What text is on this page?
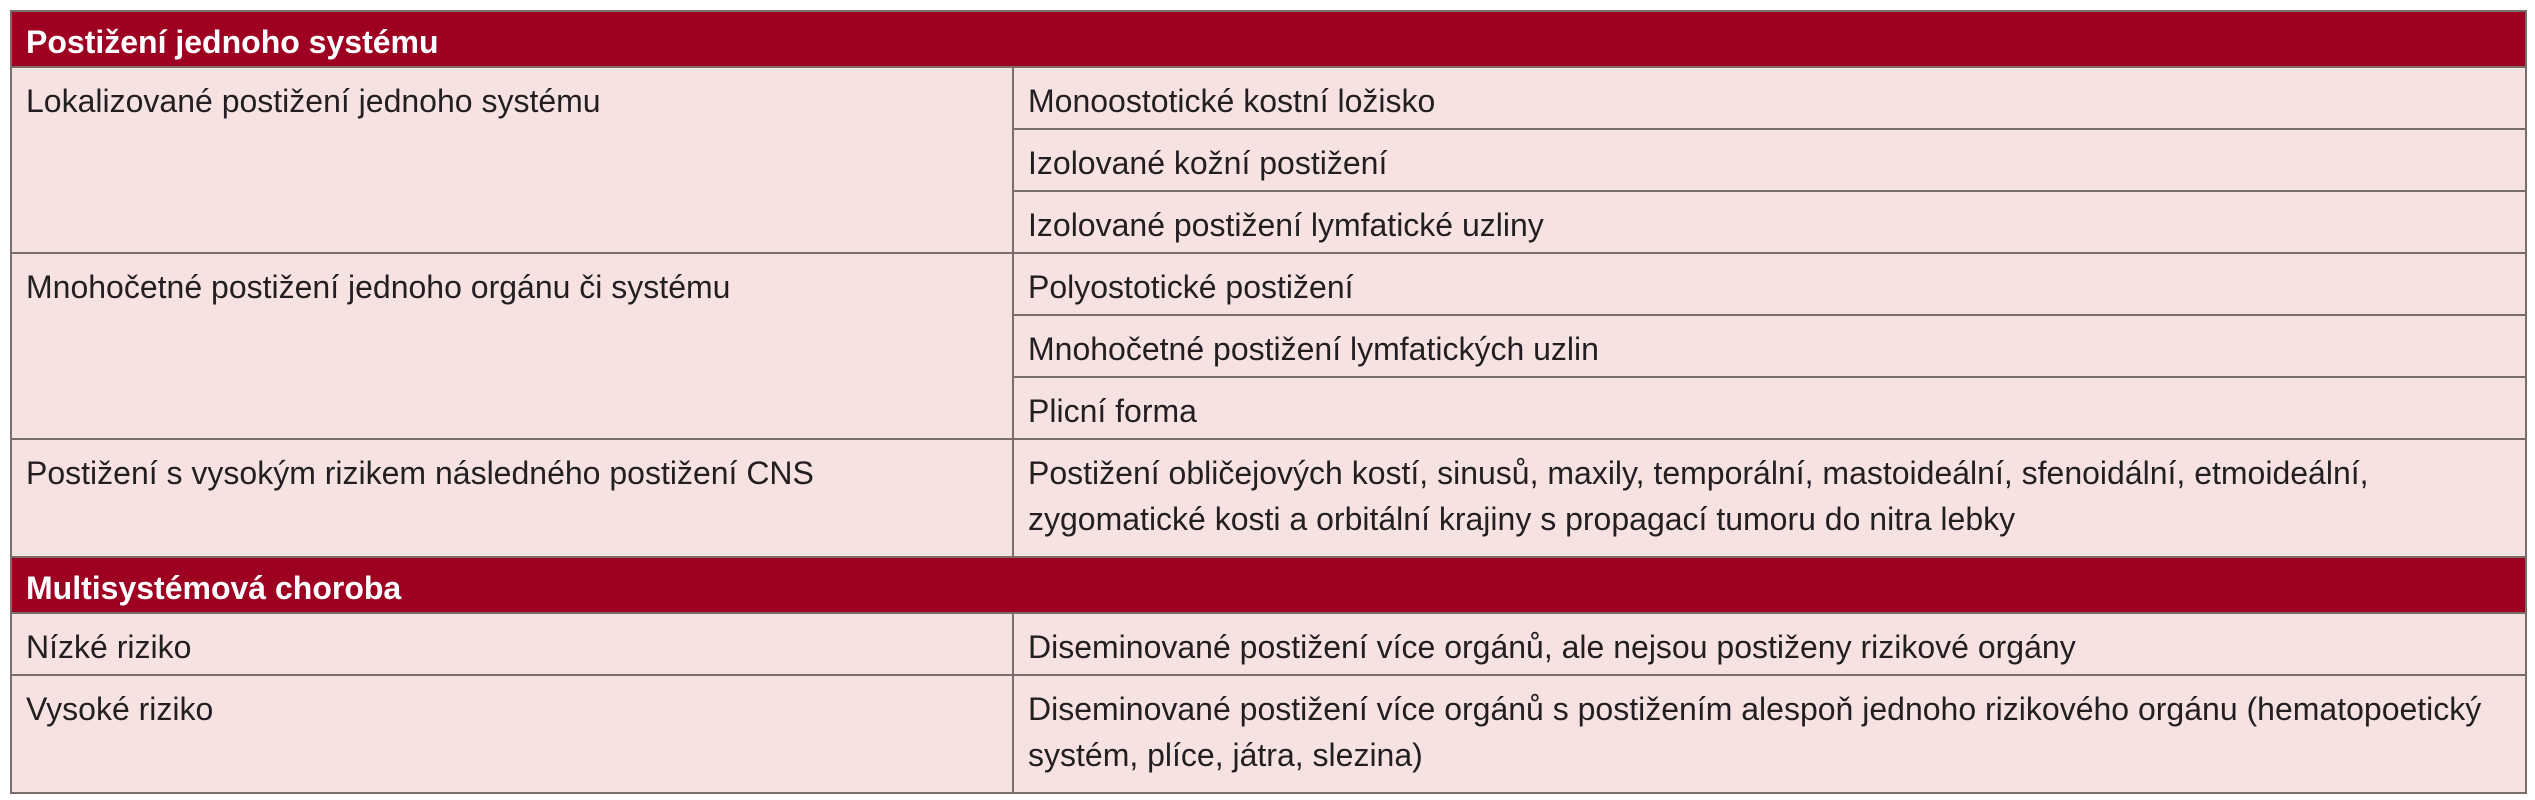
Postižení jednoho systému	
Lokalizované postižení jednoho systému	Monoostotické kostní ložisko
	Izolované kožní postižení
	Izolované postižení lymfatické uzliny
Mnohočetné postižení jednoho orgánu či systému	Polyostotické postižení
	Mnohočetné postižení lymfatických uzlin
	Plicní forma
Postižení s vysokým rizikem následného postižení CNS	Postižení obličejových kostí, sinusů, maxily, temporální, mastoideální, sfenoidální, etmoideální, zygomatické kosti a orbitální krajiny s propagací tumoru do nitra lebky
Multisystémová choroba	
Nízké riziko	Diseminované postižení více orgánů, ale nejsou postiženy rizikové orgány
Vysoké riziko	Diseminované postižení více orgánů s postižením alespoň jednoho rizikového orgánu (hematopoetický systém, plíce, játra, slezina)
